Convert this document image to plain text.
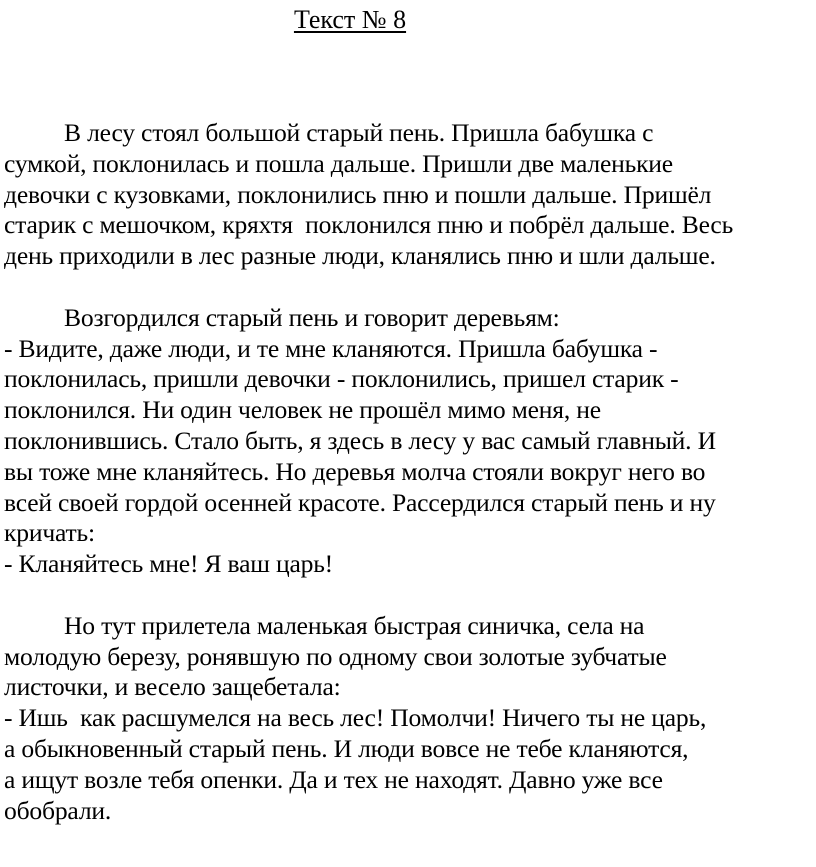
Текст № 8
В лесу стоял большой старый пень. Пришла бабушка с
сумкой, поклонилась и пошла дальше. Пришли две маленькие
девочки с кузовками, поклонились пню и пошли дальше. Пришёл
старик с мешочком, кряхтя  поклонился пню и побрёл дальше. Весь
день приходили в лес разные люди, кланялись пню и шли дальше.
Возгордился старый пень и говорит деревьям:
- Видите, даже люди, и те мне кланяются. Пришла бабушка -
поклонилась, пришли девочки - поклонились, пришел старик -
поклонился. Ни один человек не прошёл мимо меня, не
поклонившись. Стало быть, я здесь в лесу у вас самый главный. И
вы тоже мне кланяйтесь. Но деревья молча стояли вокруг него во
всей своей гордой осенней красоте. Рассердился старый пень и ну
кричать:
- Кланяйтесь мне! Я ваш царь!
Но тут прилетела маленькая быстрая синичка, села на
молодую березу, ронявшую по одному свои золотые зубчатые
листочки, и весело защебетала:
- Ишь  как расшумелся на весь лес! Помолчи! Ничего ты не царь,
а обыкновенный старый пень. И люди вовсе не тебе кланяются,
а ищут возле тебя опенки. Да и тех не находят. Давно уже все
обобрали.
